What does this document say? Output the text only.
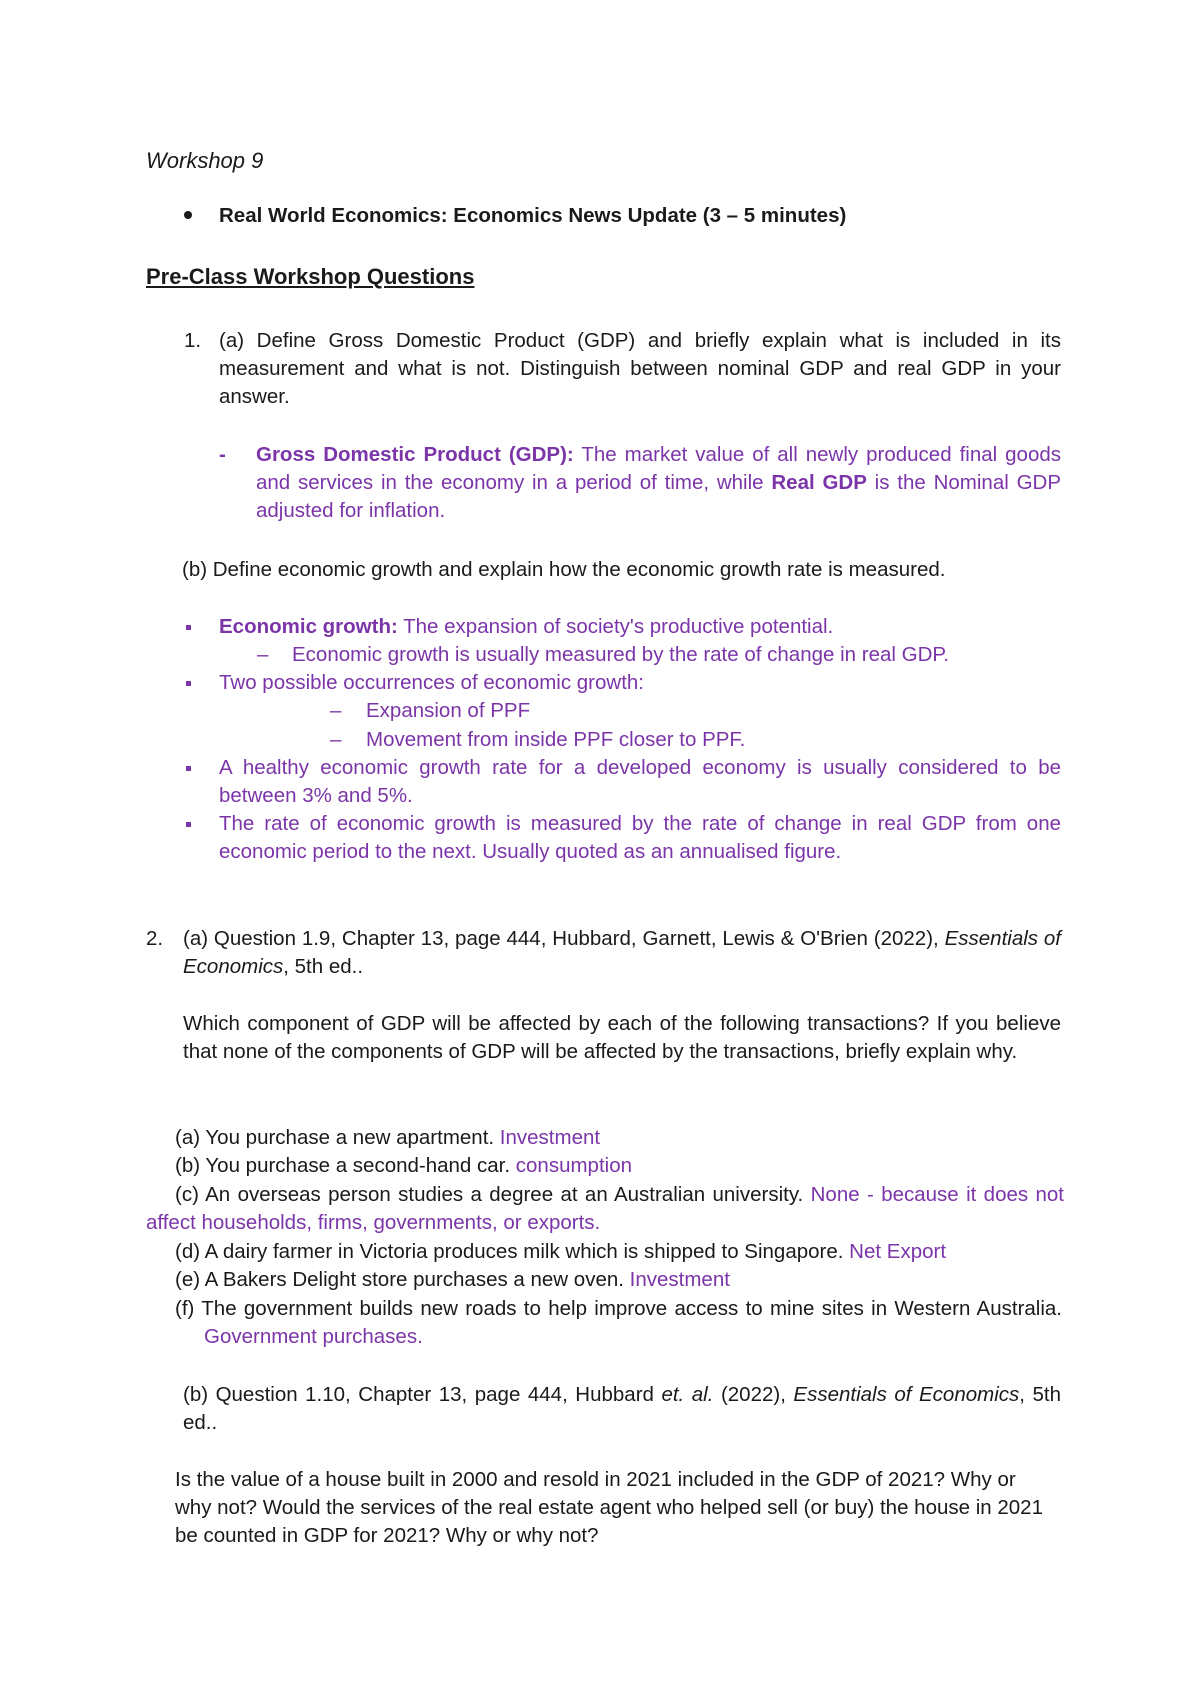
Workshop 9
Real World Economics: Economics News Update (3 – 5 minutes)
Pre-Class Workshop Questions
1. (a) Define Gross Domestic Product (GDP) and briefly explain what is included in its measurement and what is not. Distinguish between nominal GDP and real GDP in your answer.
- Gross Domestic Product (GDP): The market value of all newly produced final goods and services in the economy in a period of time, while Real GDP is the Nominal GDP adjusted for inflation.
(b) Define economic growth and explain how the economic growth rate is measured.
Economic growth: The expansion of society's productive potential.
– Economic growth is usually measured by the rate of change in real GDP.
Two possible occurrences of economic growth:
– Expansion of PPF
– Movement from inside PPF closer to PPF.
A healthy economic growth rate for a developed economy is usually considered to be between 3% and 5%.
The rate of economic growth is measured by the rate of change in real GDP from one economic period to the next. Usually quoted as an annualised figure.
2. (a) Question 1.9, Chapter 13, page 444, Hubbard, Garnett, Lewis & O'Brien (2022), Essentials of Economics, 5th ed..
Which component of GDP will be affected by each of the following transactions? If you believe that none of the components of GDP will be affected by the transactions, briefly explain why.
(a) You purchase a new apartment. Investment
(b) You purchase a second-hand car. consumption
(c) An overseas person studies a degree at an Australian university. None - because it does not affect households, firms, governments, or exports.
(d) A dairy farmer in Victoria produces milk which is shipped to Singapore. Net Export
(e) A Bakers Delight store purchases a new oven. Investment
(f) The government builds new roads to help improve access to mine sites in Western Australia. Government purchases.
(b) Question 1.10, Chapter 13, page 444, Hubbard et. al. (2022), Essentials of Economics, 5th ed..
Is the value of a house built in 2000 and resold in 2021 included in the GDP of 2021? Why or why not? Would the services of the real estate agent who helped sell (or buy) the house in 2021 be counted in GDP for 2021? Why or why not?
